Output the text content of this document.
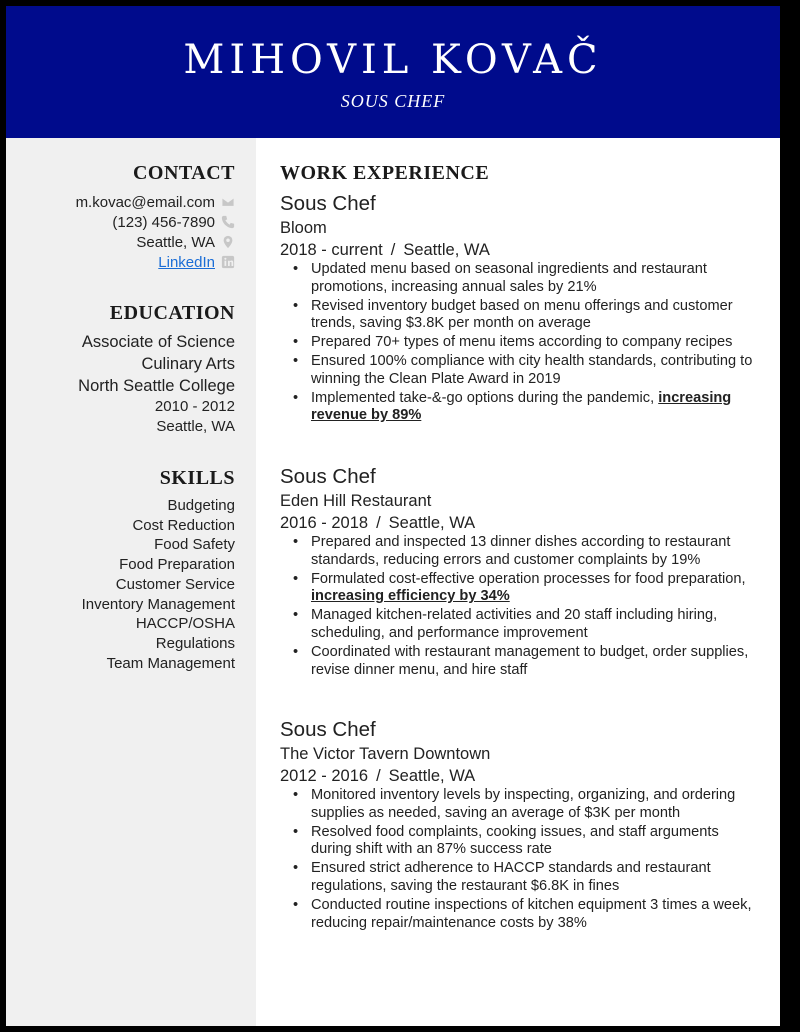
MIHOVIL KOVAČ
SOUS CHEF
CONTACT
m.kovac@email.com
(123) 456-7890
Seattle, WA
LinkedIn
EDUCATION
Associate of Science
Culinary Arts
North Seattle College
2010 - 2012
Seattle, WA
SKILLS
Budgeting
Cost Reduction
Food Safety
Food Preparation
Customer Service
Inventory Management
HACCP/OSHA
Regulations
Team Management
WORK EXPERIENCE
Sous Chef
Bloom
2018 - current / Seattle, WA
• Updated menu based on seasonal ingredients and restaurant promotions, increasing annual sales by 21%
• Revised inventory budget based on menu offerings and customer trends, saving $3.8K per month on average
• Prepared 70+ types of menu items according to company recipes
• Ensured 100% compliance with city health standards, contributing to winning the Clean Plate Award in 2019
• Implemented take-&-go options during the pandemic, increasing revenue by 89%
Sous Chef
Eden Hill Restaurant
2016 - 2018 / Seattle, WA
• Prepared and inspected 13 dinner dishes according to restaurant standards, reducing errors and customer complaints by 19%
• Formulated cost-effective operation processes for food preparation, increasing efficiency by 34%
• Managed kitchen-related activities and 20 staff including hiring, scheduling, and performance improvement
• Coordinated with restaurant management to budget, order supplies, revise dinner menu, and hire staff
Sous Chef
The Victor Tavern Downtown
2012 - 2016 / Seattle, WA
• Monitored inventory levels by inspecting, organizing, and ordering supplies as needed, saving an average of $3K per month
• Resolved food complaints, cooking issues, and staff arguments during shift with an 87% success rate
• Ensured strict adherence to HACCP standards and restaurant regulations, saving the restaurant $6.8K in fines
• Conducted routine inspections of kitchen equipment 3 times a week, reducing repair/maintenance costs by 38%
